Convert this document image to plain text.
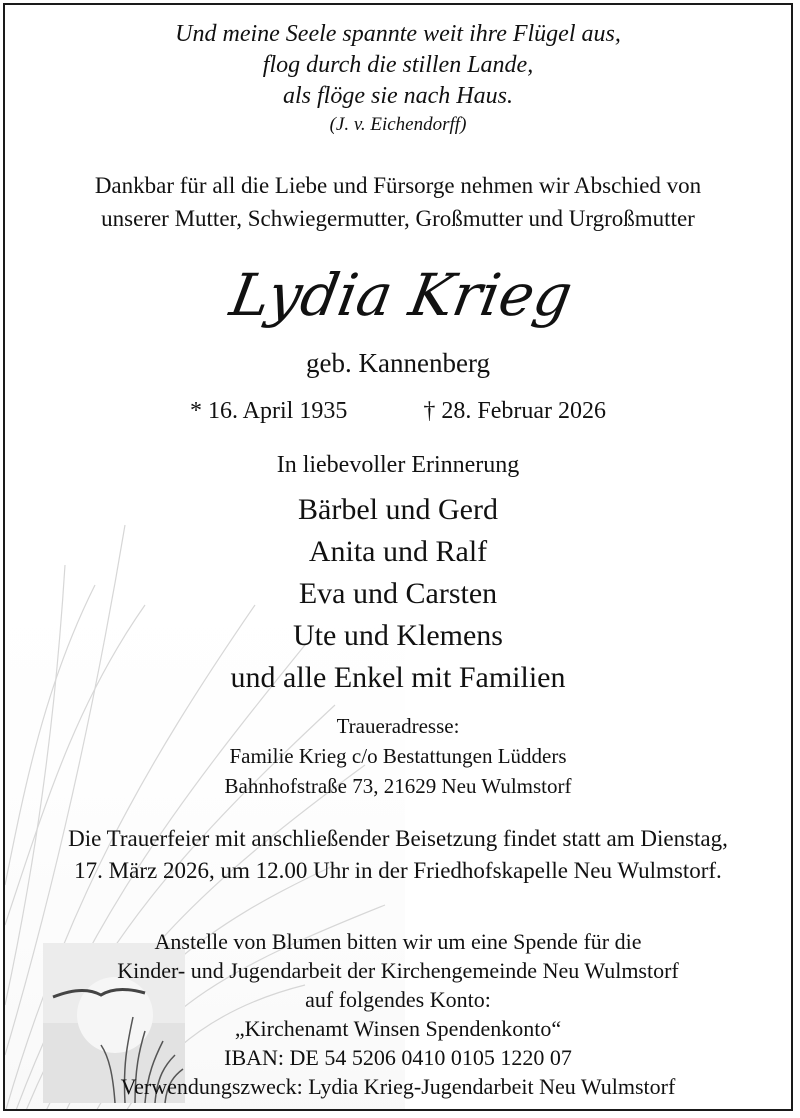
Und meine Seele spannte weit ihre Flügel aus,
flog durch die stillen Lande,
als flöge sie nach Haus.
(J. v. Eichendorff)
Dankbar für all die Liebe und Fürsorge nehmen wir Abschied von
unserer Mutter, Schwiegermutter, Großmutter und Urgroßmutter
Lydia Krieg
geb. Kannenberg
* 16. April 1935	† 28. Februar 2026
In liebevoller Erinnerung
Bärbel und Gerd
Anita und Ralf
Eva und Carsten
Ute und Klemens
und alle Enkel mit Familien
Traueradresse:
Familie Krieg c/o Bestattungen Lüdders
Bahnhofstraße 73, 21629 Neu Wulmstorf
Die Trauerfeier mit anschließender Beisetzung findet statt am Dienstag,
17. März 2026, um 12.00 Uhr in der Friedhofskapelle Neu Wulmstorf.
Anstelle von Blumen bitten wir um eine Spende für die
Kinder- und Jugendarbeit der Kirchengemeinde Neu Wulmstorf
auf folgendes Konto:
„Kirchenamt Winsen Spendenkonto“
IBAN: DE 54 5206 0410 0105 1220 07
Verwendungszweck: Lydia Krieg-Jugendarbeit Neu Wulmstorf
